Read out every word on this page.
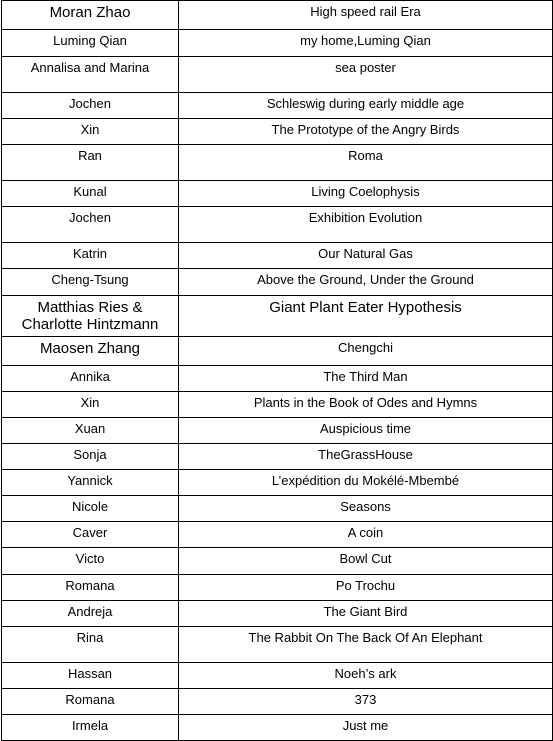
Moran Zhao	High speed rail Era
Luming Qian	my home,Luming Qian
Annalisa and Marina	sea poster
Jochen	Schleswig during early middle age
Xin	The Prototype of the Angry Birds
Ran	Roma
Kunal	Living Coelophysis
Jochen	Exhibition Evolution
Katrin	Our Natural Gas
Cheng-Tsung	Above the Ground, Under the Ground
Matthias Ries & Charlotte Hintzmann	Giant Plant Eater Hypothesis
Maosen Zhang	Chengchi
Annika	The Third Man
Xin	Plants in the Book of Odes and Hymns
Xuan	Auspicious time
Sonja	TheGrassHouse
Yannick	L’expédition du Mokélé-Mbembé
Nicole	Seasons
Caver	A coin
Victo	Bowl Cut
Romana	Po Trochu
Andreja	The Giant Bird
Rina	The Rabbit On The Back Of An Elephant
Hassan	Noeh’s ark
Romana	373
Irmela	Just me
